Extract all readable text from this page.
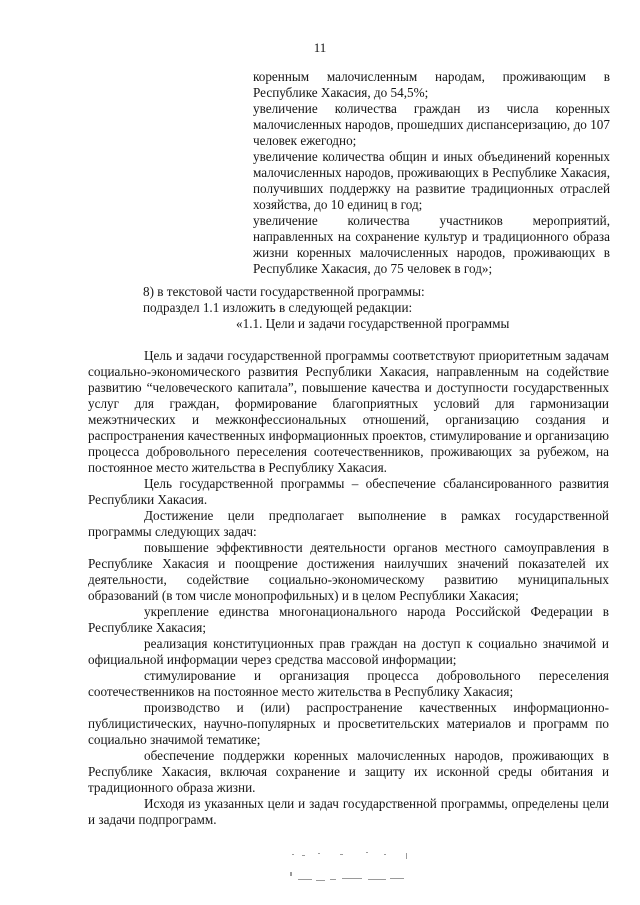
11

коренным малочисленным народам, проживающим в Республике Хакасия, до 54,5%;

увеличение количества граждан из числа коренных малочисленных народов, прошедших диспансеризацию, до 107 человек ежегодно;

увеличение количества общин и иных объединений коренных малочисленных народов, проживающих в Республике Хакасия, получивших поддержку на развитие традиционных отраслей хозяйства, до 10 единиц в год;

увеличение количества участников мероприятий, направленных на сохранение культур и традиционного образа жизни коренных малочисленных народов, проживающих в Республике Хакасия, до 75 человек в год»;

8) в текстовой части государственной программы:

подраздел 1.1 изложить в следующей редакции:

«1.1. Цели и задачи государственной программы

Цель и задачи государственной программы соответствуют приоритетным задачам социально-экономического развития Республики Хакасия, направленным на содействие развитию “человеческого капитала”, повышение качества и доступности государственных услуг для граждан, формирование благоприятных условий для гармонизации межэтнических и межконфессиональных отношений, организацию создания и распространения качественных информационных проектов, стимулирование и организацию процесса добровольного переселения соотечественников, проживающих за рубежом, на постоянное место жительства в Республику Хакасия.

Цель государственной программы – обеспечение сбалансированного развития Республики Хакасия.

Достижение цели предполагает выполнение в рамках государственной программы следующих задач:

повышение эффективности деятельности органов местного самоуправления в Республике Хакасия и поощрение достижения наилучших значений показателей их деятельности, содействие социально-экономическому развитию муниципальных образований (в том числе монопрофильных) и в целом Республики Хакасия;

укрепление единства многонационального народа Российской Федерации в Республике Хакасия;

реализация конституционных прав граждан на доступ к социально значимой и официальной информации через средства массовой информации;

стимулирование и организация процесса добровольного переселения соотечественников на постоянное место жительства в Республику Хакасия;

производство и (или) распространение качественных информационно-публицистических, научно-популярных и просветительских материалов и программ по социально значимой тематике;

обеспечение поддержки коренных малочисленных народов, проживающих в Республике Хакасия, включая сохранение и защиту их исконной среды обитания и традиционного образа жизни.

Исходя из указанных цели и задач государственной программы, определены цели и задачи подпрограмм.
